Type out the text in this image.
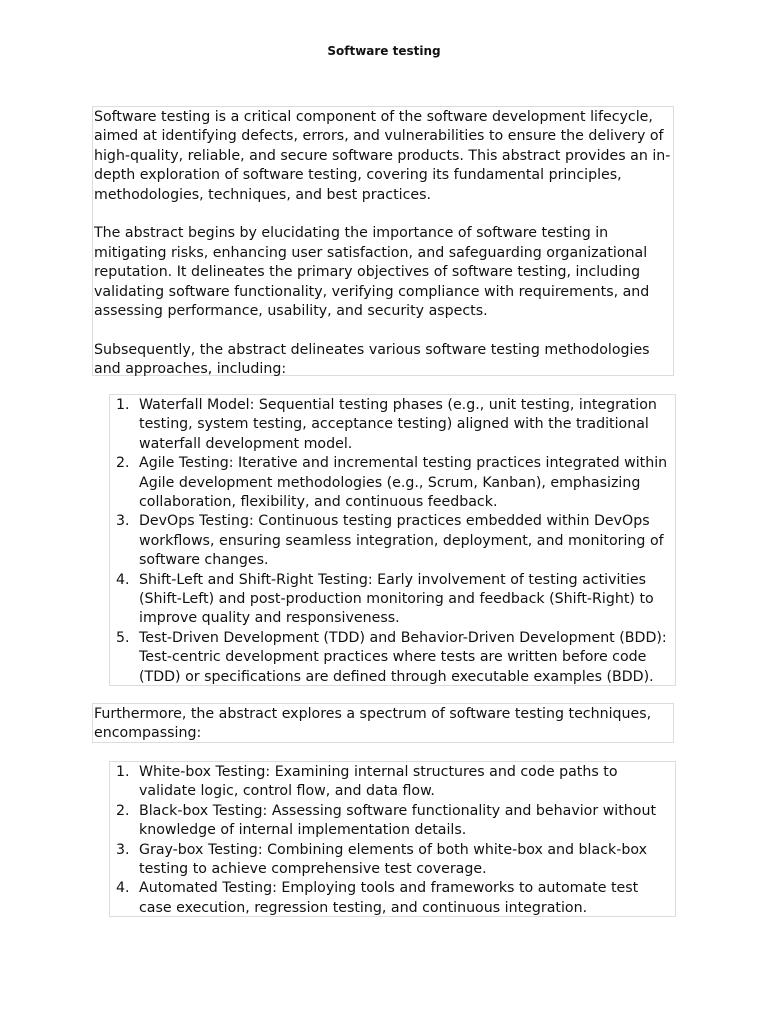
Software testing

Software testing is a critical component of the software development lifecycle, aimed at identifying defects, errors, and vulnerabilities to ensure the delivery of high-quality, reliable, and secure software products. This abstract provides an in-depth exploration of software testing, covering its fundamental principles, methodologies, techniques, and best practices.

The abstract begins by elucidating the importance of software testing in mitigating risks, enhancing user satisfaction, and safeguarding organizational reputation. It delineates the primary objectives of software testing, including validating software functionality, verifying compliance with requirements, and assessing performance, usability, and security aspects.

Subsequently, the abstract delineates various software testing methodologies and approaches, including:

1. Waterfall Model: Sequential testing phases (e.g., unit testing, integration testing, system testing, acceptance testing) aligned with the traditional waterfall development model.
2. Agile Testing: Iterative and incremental testing practices integrated within Agile development methodologies (e.g., Scrum, Kanban), emphasizing collaboration, flexibility, and continuous feedback.
3. DevOps Testing: Continuous testing practices embedded within DevOps workflows, ensuring seamless integration, deployment, and monitoring of software changes.
4. Shift-Left and Shift-Right Testing: Early involvement of testing activities (Shift-Left) and post-production monitoring and feedback (Shift-Right) to improve quality and responsiveness.
5. Test-Driven Development (TDD) and Behavior-Driven Development (BDD): Test-centric development practices where tests are written before code (TDD) or specifications are defined through executable examples (BDD).

Furthermore, the abstract explores a spectrum of software testing techniques, encompassing:

1. White-box Testing: Examining internal structures and code paths to validate logic, control flow, and data flow.
2. Black-box Testing: Assessing software functionality and behavior without knowledge of internal implementation details.
3. Gray-box Testing: Combining elements of both white-box and black-box testing to achieve comprehensive test coverage.
4. Automated Testing: Employing tools and frameworks to automate test case execution, regression testing, and continuous integration.
